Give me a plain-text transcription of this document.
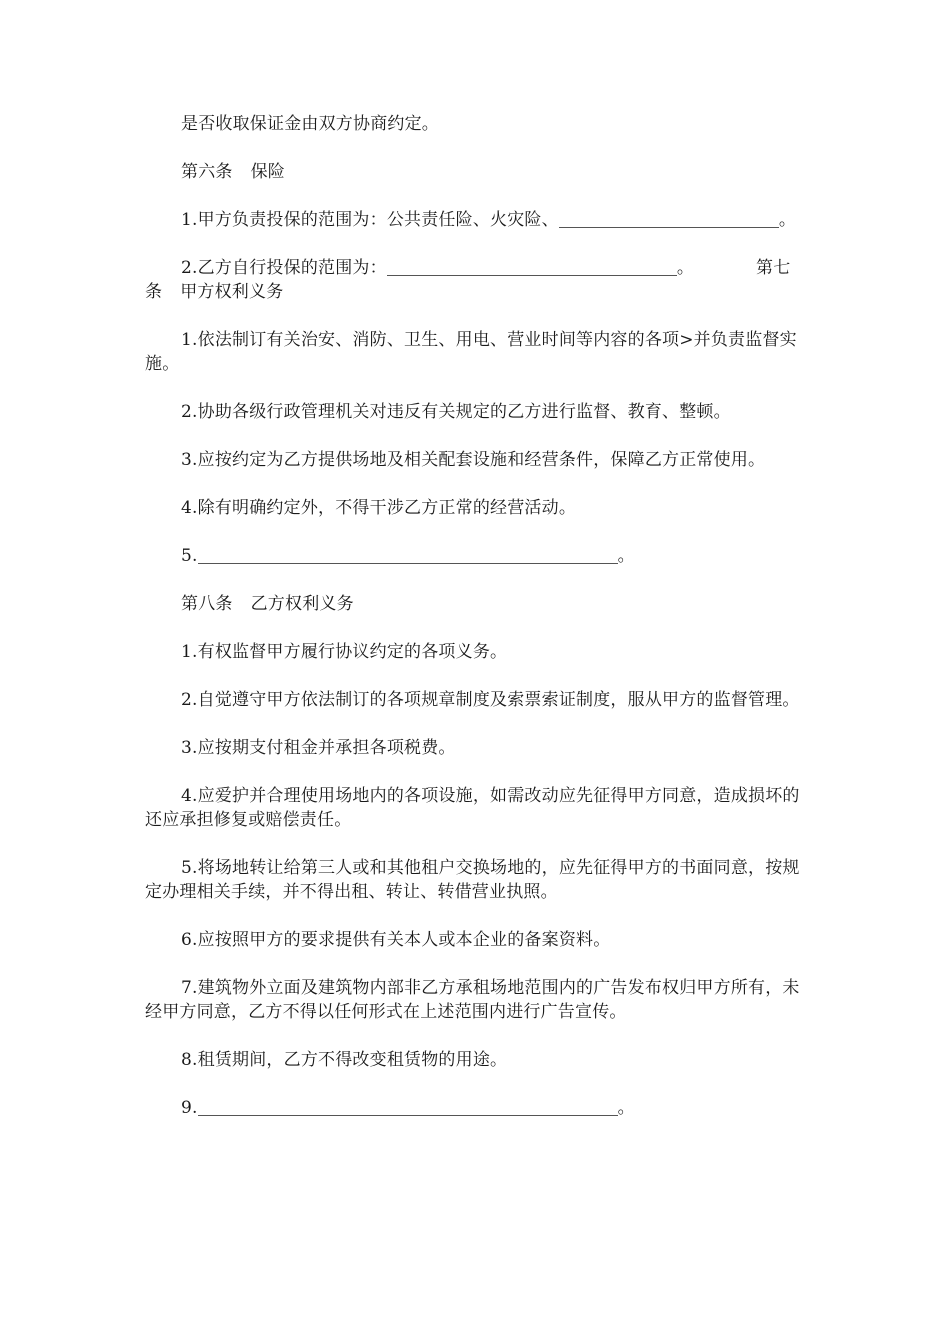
是否收取保证金由双方协商约定。

第六条 保险

1.甲方负责投保的范围为：公共责任险、火灾险、	。

2.乙方自行投保的范围为：	。	第七条 甲方权利义务

1.依法制订有关治安、消防、卫生、用电、营业时间等内容的各项>并负责监督实施。

2.协助各级行政管理机关对违反有关规定的乙方进行监督、教育、整顿。

3.应按约定为乙方提供场地及相关配套设施和经营条件，保障乙方正常使用。

4.除有明确约定外，不得干涉乙方正常的经营活动。

5.	。

第八条 乙方权利义务

1.有权监督甲方履行协议约定的各项义务。

2.自觉遵守甲方依法制订的各项规章制度及索票索证制度，服从甲方的监督管理。

3.应按期支付租金并承担各项税费。

4.应爱护并合理使用场地内的各项设施，如需改动应先征得甲方同意，造成损坏的还应承担修复或赔偿责任。

5.将场地转让给第三人或和其他租户交换场地的，应先征得甲方的书面同意，按规定办理相关手续，并不得出租、转让、转借营业执照。

6.应按照甲方的要求提供有关本人或本企业的备案资料。

7.建筑物外立面及建筑物内部非乙方承租场地范围内的广告发布权归甲方所有，未经甲方同意，乙方不得以任何形式在上述范围内进行广告宣传。

8.租赁期间，乙方不得改变租赁物的用途。

9.	。
